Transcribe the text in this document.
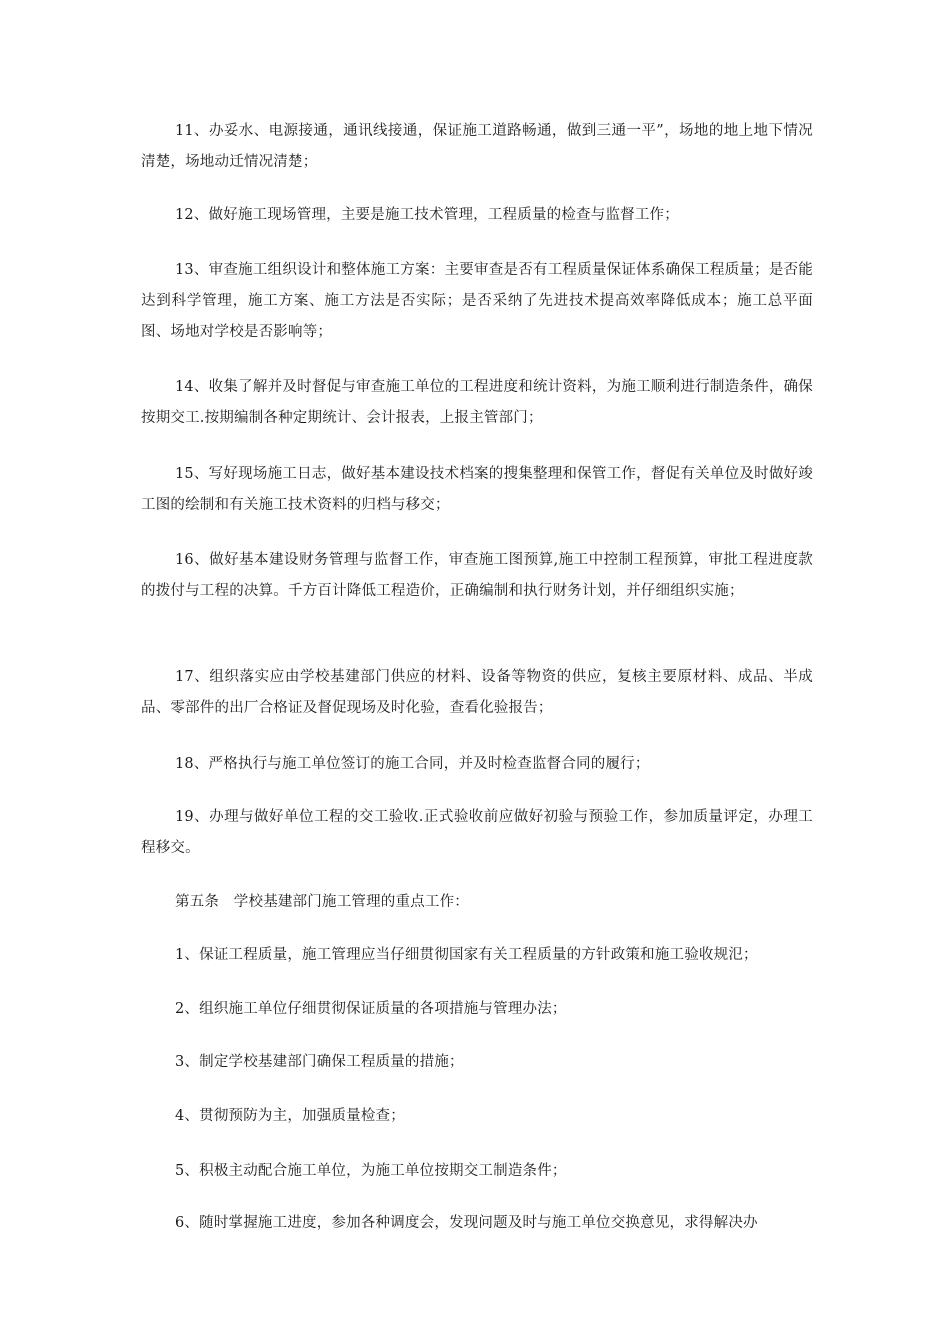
11、办妥水、电源接通，通讯线接通，保证施工道路畅通，做到三通一平”，场地的地上地下情况清楚，场地动迁情况清楚；

12、做好施工现场管理，主要是施工技术管理，工程质量的检查与监督工作；

13、审查施工组织设计和整体施工方案：主要审查是否有工程质量保证体系确保工程质量；是否能达到科学管理，施工方案、施工方法是否实际；是否采纳了先进技术提高效率降低成本；施工总平面图、场地对学校是否影响等；

14、收集了解并及时督促与审查施工单位的工程进度和统计资料，为施工顺利进行制造条件，确保按期交工.按期编制各种定期统计、会计报表，上报主管部门；

15、写好现场施工日志，做好基本建设技术档案的搜集整理和保管工作，督促有关单位及时做好竣工图的绘制和有关施工技术资料的归档与移交；

16、做好基本建设财务管理与监督工作，审查施工图预算,施工中控制工程预算，审批工程进度款的拨付与工程的决算。千方百计降低工程造价，正确编制和执行财务计划，并仔细组织实施；

17、组织落实应由学校基建部门供应的材料、设备等物资的供应，复核主要原材料、成品、半成品、零部件的出厂合格证及督促现场及时化验，查看化验报告；

18、严格执行与施工单位签订的施工合同，并及时检查监督合同的履行；

19、办理与做好单位工程的交工验收.正式验收前应做好初验与预验工作，参加质量评定，办理工程移交。

第五条　学校基建部门施工管理的重点工作：

1、保证工程质量，施工管理应当仔细贯彻国家有关工程质量的方针政策和施工验收规氾；

2、组织施工单位仔细贯彻保证质量的各项措施与管理办法；

3、制定学校基建部门确保工程质量的措施；

4、贯彻预防为主，加强质量检查；

5、积极主动配合施工单位，为施工单位按期交工制造条件；

6、随时掌握施工进度，参加各种调度会，发现问题及时与施工单位交换意见，求得解决办
